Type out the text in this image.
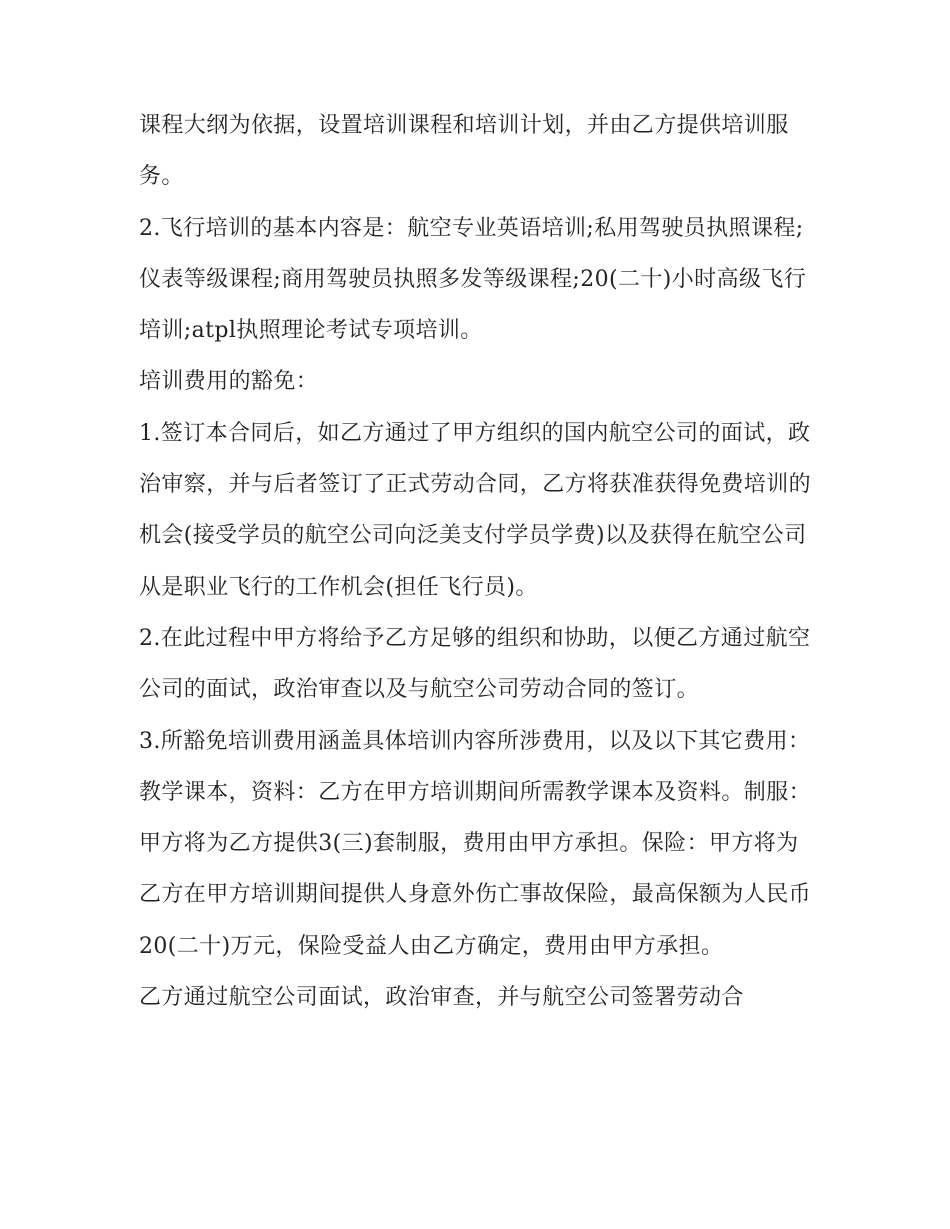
课程大纲为依据，设置培训课程和培训计划，并由乙方提供培训服务。

2.飞行培训的基本内容是：航空专业英语培训;私用驾驶员执照课程;仪表等级课程;商用驾驶员执照多发等级课程;20(二十)小时高级飞行培训;atpl执照理论考试专项培训。

培训费用的豁免：

1.签订本合同后，如乙方通过了甲方组织的国内航空公司的面试，政治审察，并与后者签订了正式劳动合同，乙方将获准获得免费培训的机会(接受学员的航空公司向泛美支付学员学费)以及获得在航空公司从是职业飞行的工作机会(担任飞行员)。

2.在此过程中甲方将给予乙方足够的组织和协助，以便乙方通过航空公司的面试，政治审查以及与航空公司劳动合同的签订。

3.所豁免培训费用涵盖具体培训内容所涉费用，以及以下其它费用：教学课本，资料：乙方在甲方培训期间所需教学课本及资料。制服：甲方将为乙方提供3(三)套制服，费用由甲方承担。保险：甲方将为乙方在甲方培训期间提供人身意外伤亡事故保险，最高保额为人民币20(二十)万元，保险受益人由乙方确定，费用由甲方承担。

乙方通过航空公司面试，政治审查，并与航空公司签署劳动合
